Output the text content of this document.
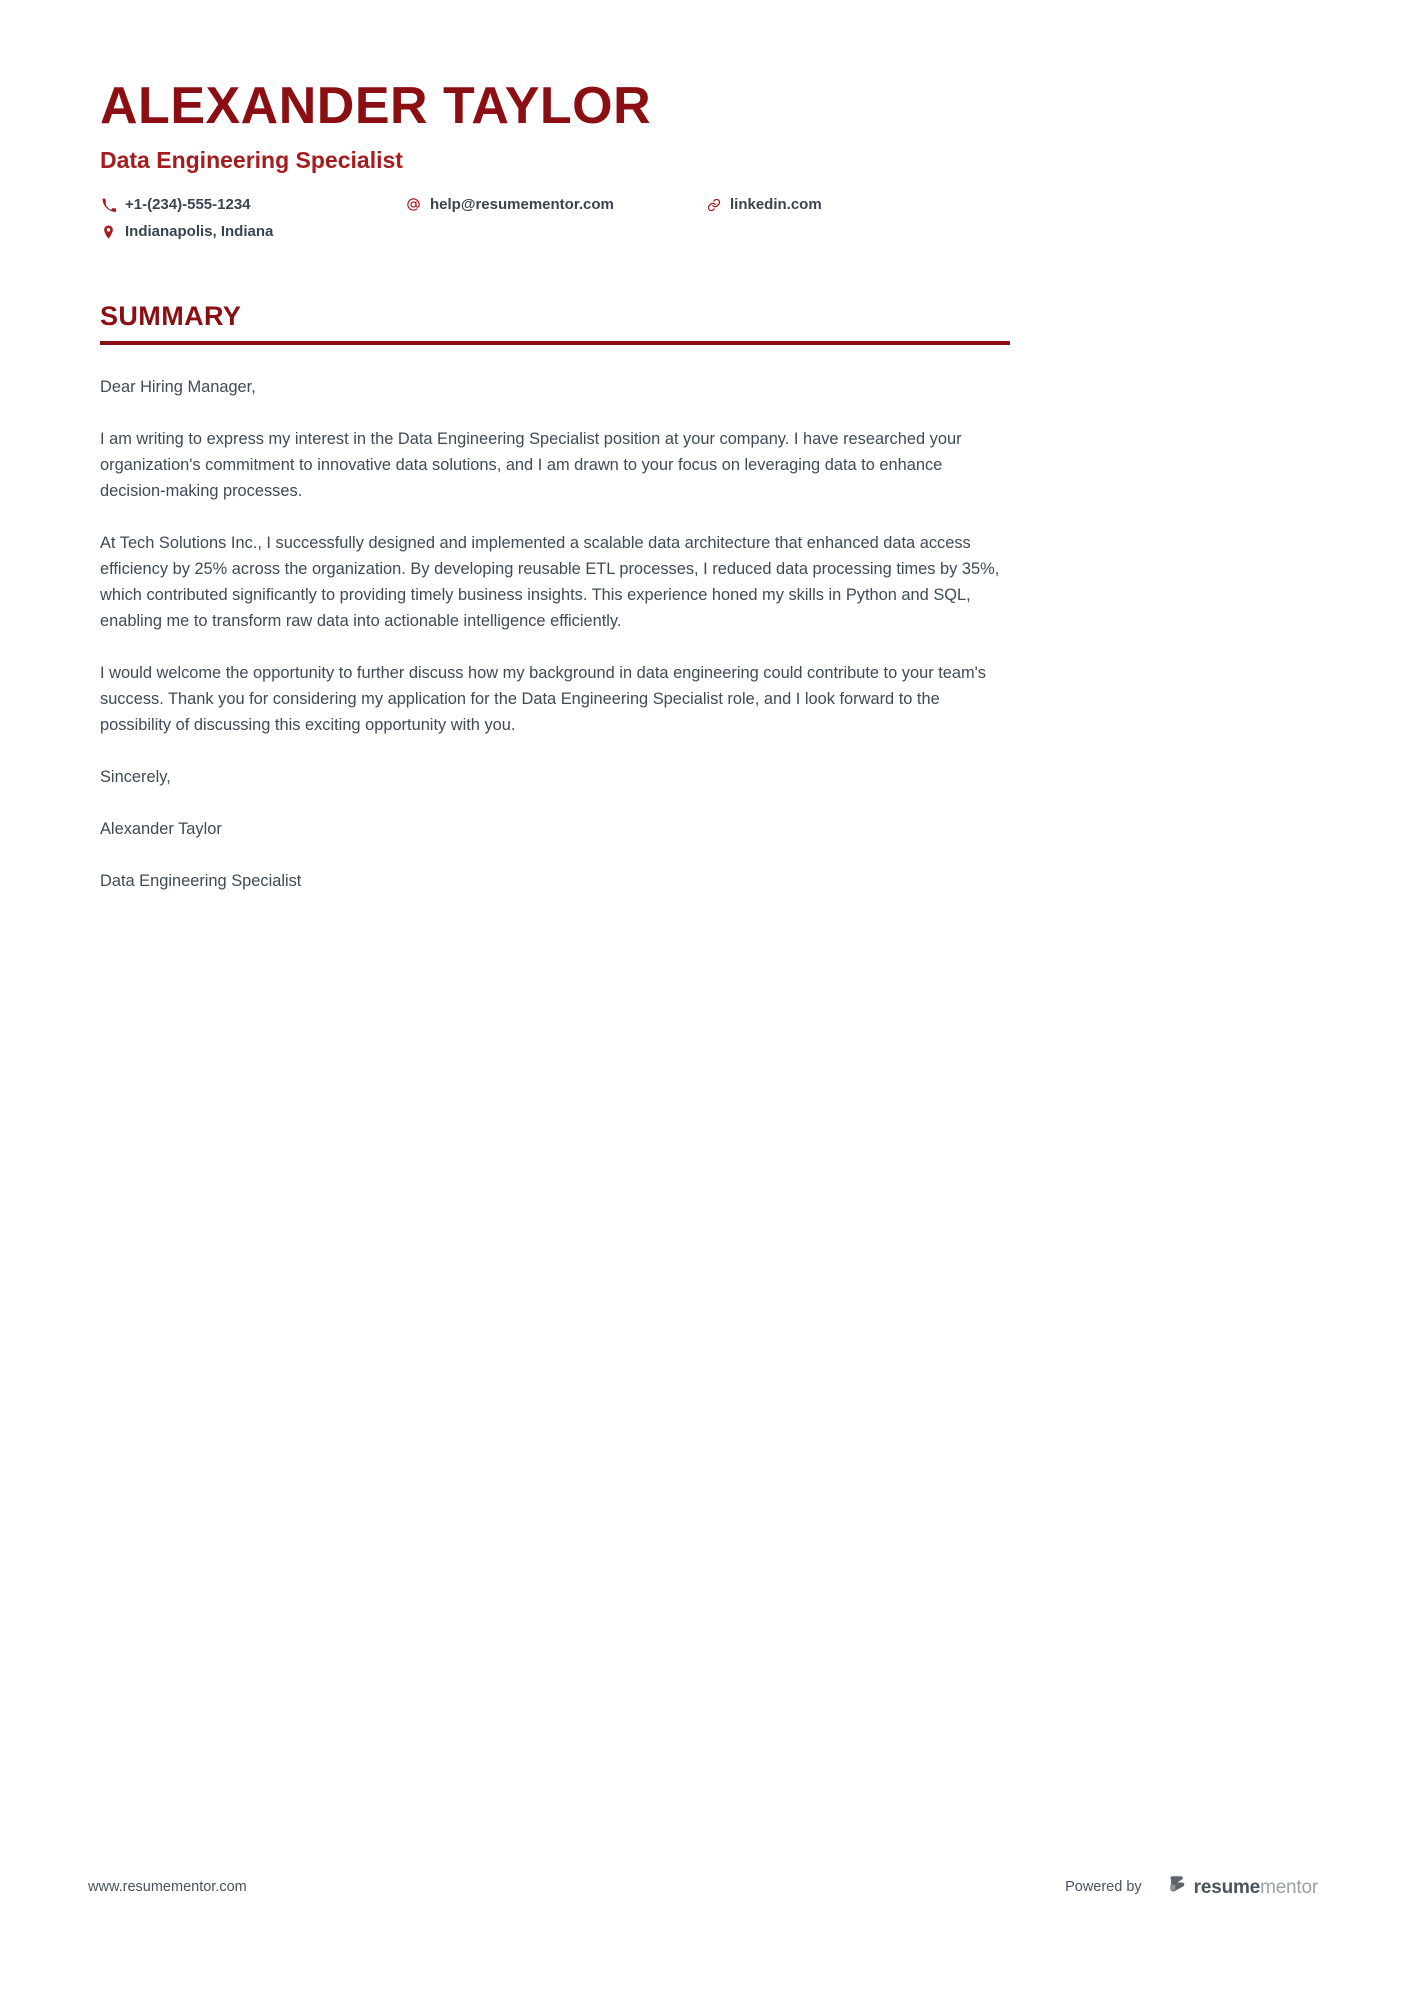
ALEXANDER TAYLOR
Data Engineering Specialist
+1-(234)-555-1234	help@resumementor.com	linkedin.com
Indianapolis, Indiana
SUMMARY

Dear Hiring Manager,

I am writing to express my interest in the Data Engineering Specialist position at your company. I have researched your organization's commitment to innovative data solutions, and I am drawn to your focus on leveraging data to enhance decision-making processes.

At Tech Solutions Inc., I successfully designed and implemented a scalable data architecture that enhanced data access efficiency by 25% across the organization. By developing reusable ETL processes, I reduced data processing times by 35%, which contributed significantly to providing timely business insights. This experience honed my skills in Python and SQL, enabling me to transform raw data into actionable intelligence efficiently.

I would welcome the opportunity to further discuss how my background in data engineering could contribute to your team's success. Thank you for considering my application for the Data Engineering Specialist role, and I look forward to the possibility of discussing this exciting opportunity with you.

Sincerely,

Alexander Taylor

Data Engineering Specialist

www.resumementor.com	Powered by	resumementor
